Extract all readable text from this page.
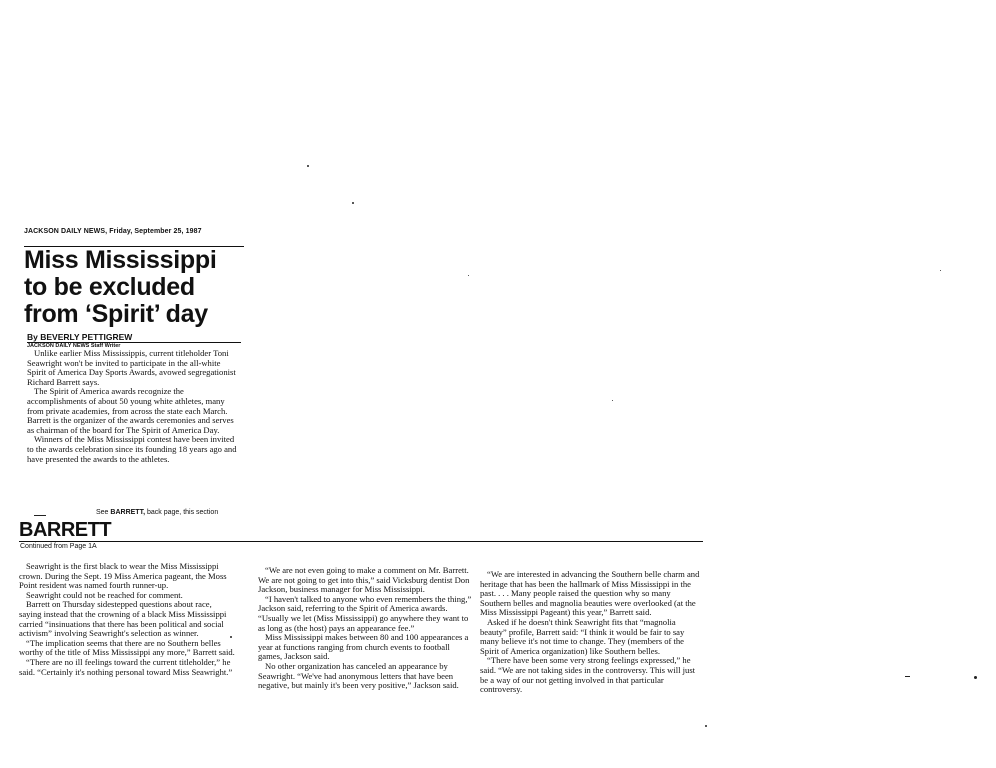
JACKSON DAILY NEWS, Friday, September 25, 1987
Miss Mississippi
to be excluded
from ‘Spirit’ day
By BEVERLY PETTIGREW
JACKSON DAILY NEWS Staff Writer

Unlike earlier Miss Mississippis, current titleholder Toni Seawright won't be invited to participate in the all-white Spirit of America Day Sports Awards, avowed segregationist Richard Barrett says.

The Spirit of America awards recognize the accomplishments of about 50 young white athletes, many from private academies, from across the state each March. Barrett is the organizer of the awards ceremonies and serves as chairman of the board for The Spirit of America Day.

Winners of the Miss Mississippi contest have been invited to the awards celebration since its founding 18 years ago and have presented the awards to the athletes.

See BARRETT, back page, this section
BARRETT
Continued from Page 1A

Seawright is the first black to wear the Miss Mississippi crown. During the Sept. 19 Miss America pageant, the Moss Point resident was named fourth runner-up.

Seawright could not be reached for comment.

Barrett on Thursday sidestepped questions about race, saying instead that the crowning of a black Miss Mississippi carried “insinuations that there has been political and social activism” involving Seawright's selection as winner.

“The implication seems that there are no Southern belles worthy of the title of Miss Mississippi any more,” Barrett said.

“There are no ill feelings toward the current titleholder,” he said. “Certainly it's nothing personal toward Miss Seawright.”

“We are not even going to make a comment on Mr. Barrett. We are not going to get into this,” said Vicksburg dentist Don Jackson, business manager for Miss Mississippi.

“I haven't talked to anyone who even remembers the thing,” Jackson said, referring to the Spirit of America awards. “Usually we let (Miss Mississippi) go anywhere they want to as long as (the host) pays an appearance fee.”

Miss Mississippi makes between 80 and 100 appearances a year at functions ranging from church events to football games, Jackson said.

No other organization has canceled an appearance by Seawright. “We've had anonymous letters that have been negative, but mainly it's been very positive,” Jackson said.

“We are interested in advancing the Southern belle charm and heritage that has been the hallmark of Miss Mississippi in the past. . . . Many people raised the question why so many Southern belles and magnolia beauties were overlooked (at the Miss Mississippi Pageant) this year,” Barrett said.

Asked if he doesn't think Seawright fits that “magnolia beauty” profile, Barrett said: “I think it would be fair to say many believe it's not time to change. They (members of the Spirit of America organization) like Southern belles.

“There have been some very strong feelings expressed,” he said. “We are not taking sides in the controversy. This will just be a way of our not getting involved in that particular controversy.
